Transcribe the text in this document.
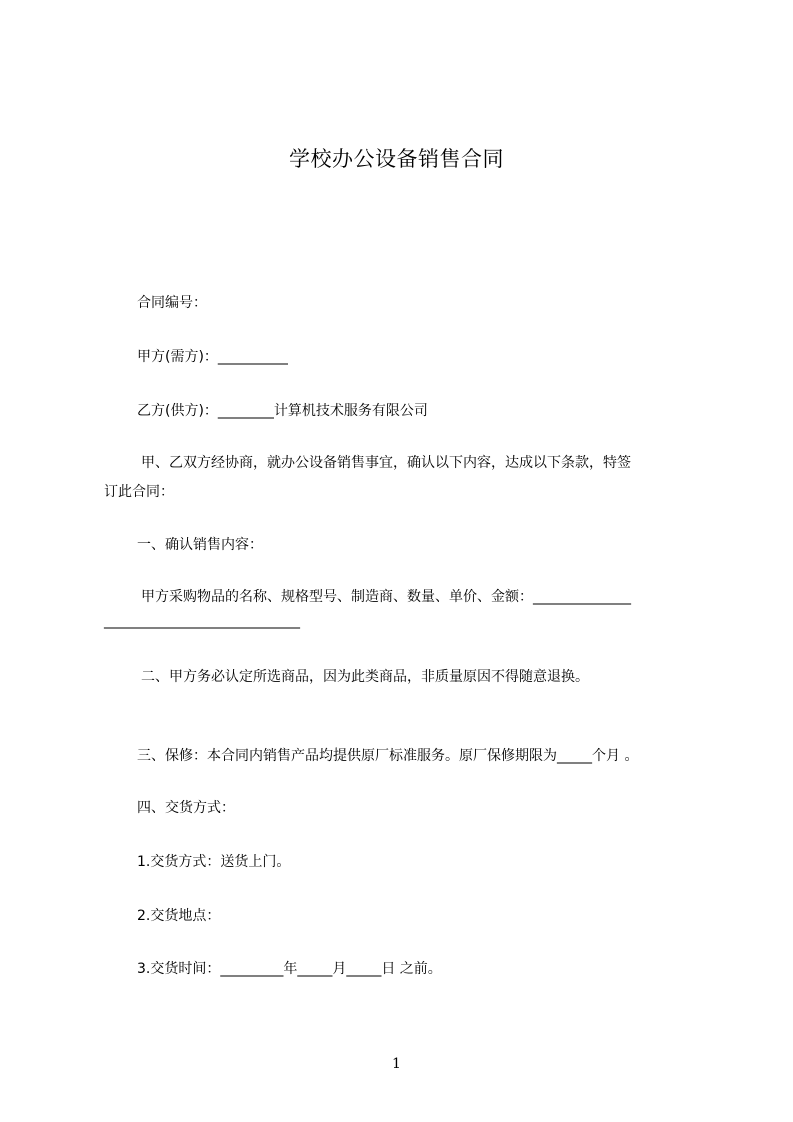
学校办公设备销售合同
合同编号：
甲方(需方)：__________
乙方(供方)：________计算机技术服务有限公司
甲、乙双方经协商，就办公设备销售事宜，确认以下内容，达成以下条款，特签
订此合同：
一、确认销售内容：
甲方采购物品的名称、规格型号、制造商、数量、单价、金额：______________
____________________________
二、甲方务必认定所选商品，因为此类商品，非质量原因不得随意退换。
三、保修：本合同内销售产品均提供原厂标准服务。原厂保修期限为_____个月 。
四、交货方式：
1.交货方式：送货上门。
2.交货地点：
3.交货时间：_________年_____月_____日 之前。
1
